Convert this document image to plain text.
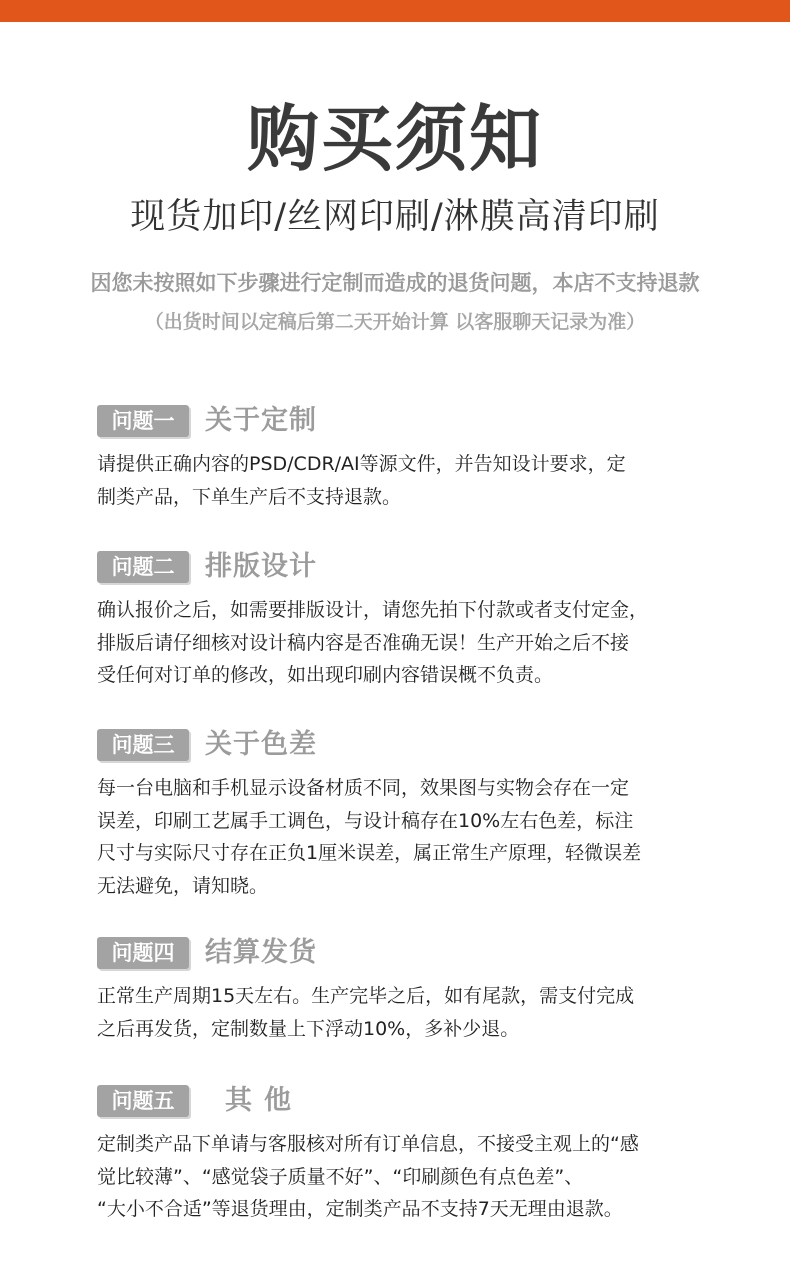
购买须知
现货加印/丝网印刷/淋膜高清印刷
因您未按照如下步骤进行定制而造成的退货问题，本店不支持退款
（出货时间以定稿后第二天开始计算 以客服聊天记录为准）
问题一	关于定制
请提供正确内容的PSD/CDR/AI等源文件，并告知设计要求，定
制类产品，下单生产后不支持退款。
问题二	排版设计
确认报价之后，如需要排版设计，请您先拍下付款或者支付定金，
排版后请仔细核对设计稿内容是否准确无误！生产开始之后不接
受任何对订单的修改，如出现印刷内容错误概不负责。
问题三	关于色差
每一台电脑和手机显示设备材质不同，效果图与实物会存在一定
误差，印刷工艺属手工调色，与设计稿存在10%左右色差，标注
尺寸与实际尺寸存在正负1厘米误差，属正常生产原理，轻微误差
无法避免，请知晓。
问题四	结算发货
正常生产周期15天左右。生产完毕之后，如有尾款，需支付完成
之后再发货，定制数量上下浮动10%，多补少退。
问题五	其他
定制类产品下单请与客服核对所有订单信息，不接受主观上的“感
觉比较薄”、“感觉袋子质量不好”、“印刷颜色有点色差”、
“大小不合适”等退货理由，定制类产品不支持7天无理由退款。
